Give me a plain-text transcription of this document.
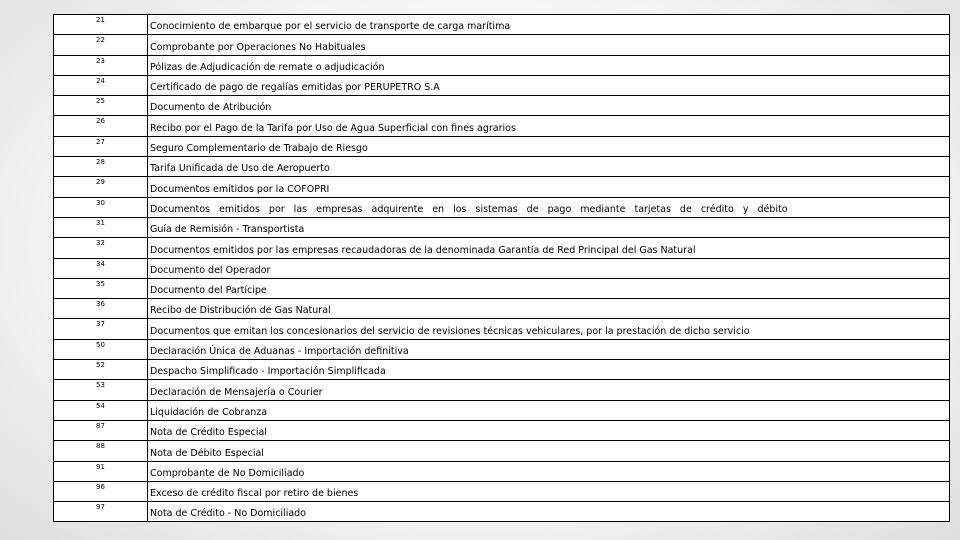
21	Conocimiento de embarque por el servicio de transporte de carga marítima
22	Comprobante por Operaciones No Habituales
23	Pólizas de Adjudicación de remate o adjudicación
24	Certificado de pago de regalías emitidas por PERUPETRO S.A
25	Documento de Atribución
26	Recibo por el Pago de la Tarifa por Uso de Agua Superficial con fines agrarios
27	Seguro Complementario de Trabajo de Riesgo
28	Tarifa Unificada de Uso de Aeropuerto
29	Documentos emitidos por la COFOPRI
30	Documentos emitidos por las empresas adquirente en los sistemas de pago mediante tarjetas de crédito y débito
31	Guía de Remisión - Transportista
32	Documentos emitidos por las empresas recaudadoras de la denominada Garantía de Red Principal del Gas Natural
34	Documento del Operador
35	Documento del Partícipe
36	Recibo de Distribución de Gas Natural
37	Documentos que emitan los concesionarios del servicio de revisiones técnicas vehiculares, por la prestación de dicho servicio
50	Declaración Única de Aduanas - Importación definitiva
52	Despacho Simplificado - Importación Simplificada
53	Declaración de Mensajería o Courier
54	Liquidación de Cobranza
87	Nota de Crédito Especial
88	Nota de Débito Especial
91	Comprobante de No Domiciliado
96	Exceso de crédito fiscal por retiro de bienes
97	Nota de Crédito - No Domiciliado
